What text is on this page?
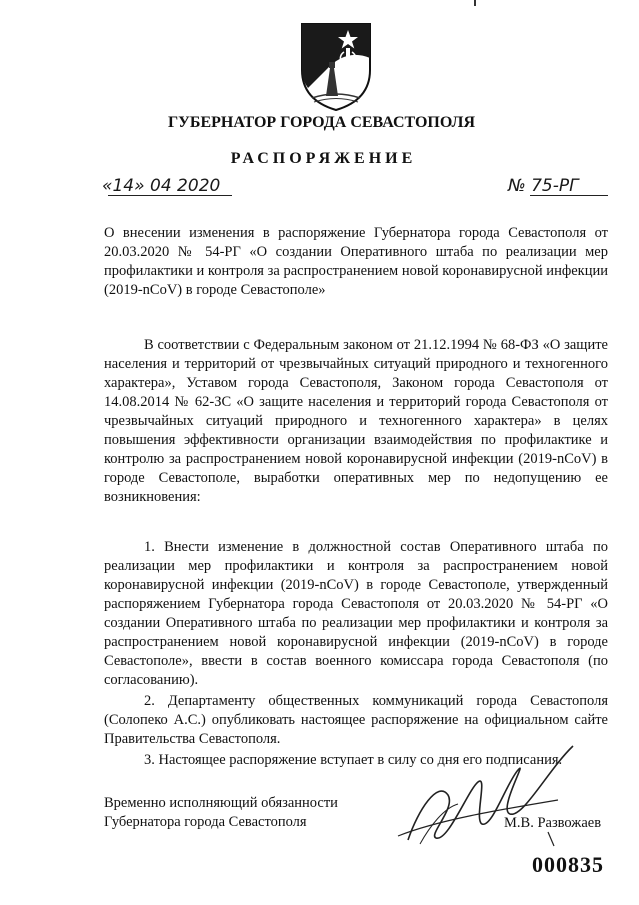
ГУБЕРНАТОР ГОРОДА СЕВАСТОПОЛЯ
РАСПОРЯЖЕНИЕ
«14» 04 2020	№ 75-РГ

О внесении изменения в распоряжение Губернатора города Севастополя от 20.03.2020 № 54-РГ «О создании Оперативного штаба по реализации мер профилактики и контроля за распространением новой коронавирусной инфекции (2019-nCoV) в городе Севастополе»

В соответствии с Федеральным законом от 21.12.1994 № 68-ФЗ «О защите населения и территорий от чрезвычайных ситуаций природного и техногенного характера», Уставом города Севастополя, Законом города Севастополя от 14.08.2014 № 62-ЗС «О защите населения и территорий города Севастополя от чрезвычайных ситуаций природного и техногенного характера» в целях повышения эффективности организации взаимодействия по профилактике и контролю за распространением новой коронавирусной инфекции (2019-nCoV) в городе Севастополе, выработки оперативных мер по недопущению ее возникновения:

1. Внести изменение в должностной состав Оперативного штаба по реализации мер профилактики и контроля за распространением новой коронавирусной инфекции (2019-nCoV) в городе Севастополе, утвержденный распоряжением Губернатора города Севастополя от 20.03.2020 № 54-РГ «О создании Оперативного штаба по реализации мер профилактики и контроля за распространением новой коронавирусной инфекции (2019-nCoV) в городе Севастополе», ввести в состав военного комиссара города Севастополя (по согласованию).

2. Департаменту общественных коммуникаций города Севастополя (Солопеко А.С.) опубликовать настоящее распоряжение на официальном сайте Правительства Севастополя.

3. Настоящее распоряжение вступает в силу со дня его подписания.

Временно исполняющий обязанности
Губернатора города Севастополя	М.В. Развожаев
000835
